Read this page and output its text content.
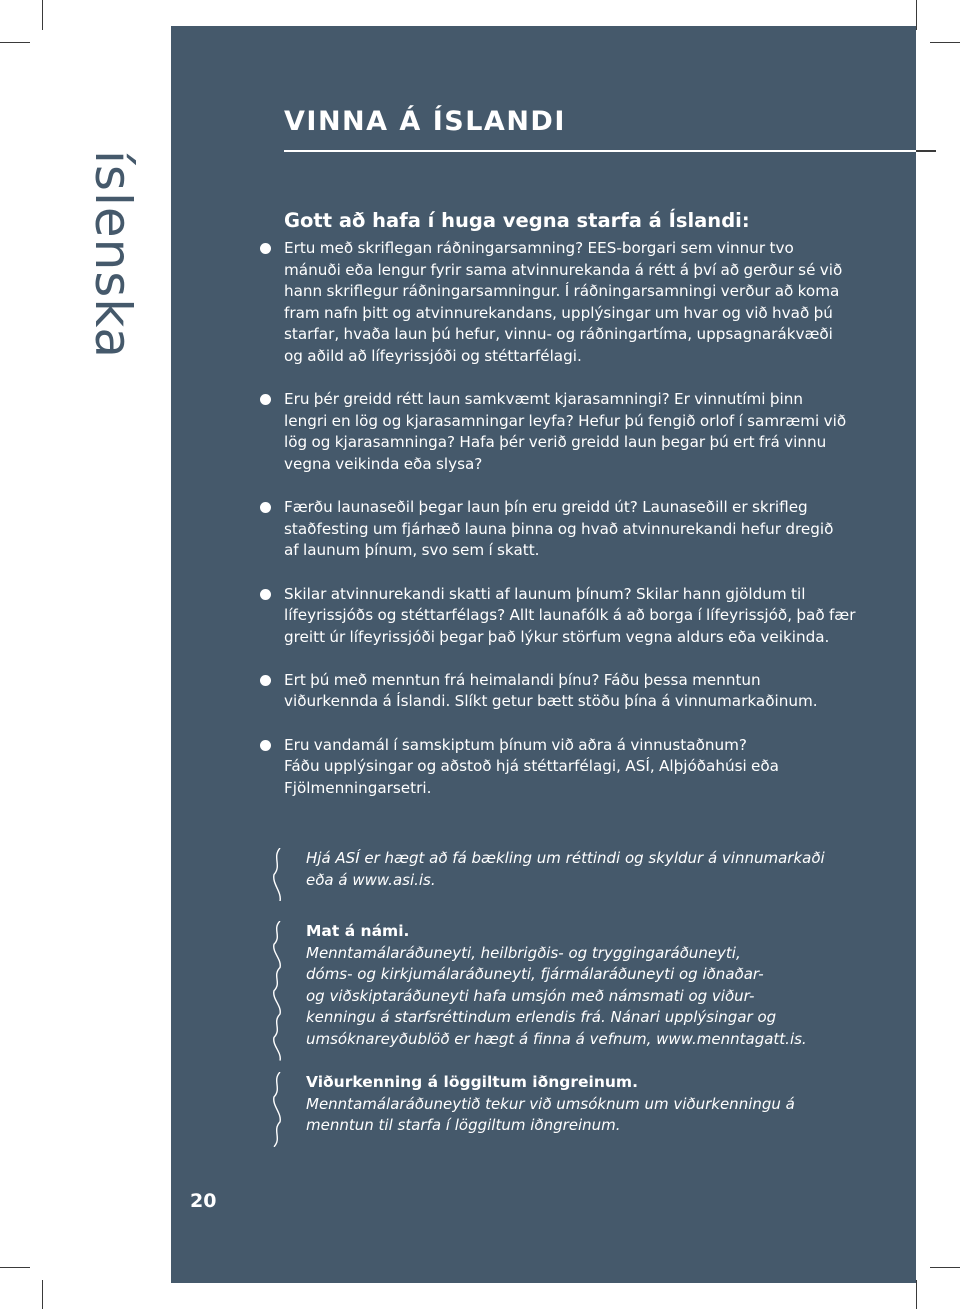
íslenska
VINNA Á ÍSLANDI
Gott að hafa í huga vegna starfa á Íslandi:
Ertu með skriflegan ráðningarsamning? EES-borgari sem vinnur tvo
mánuði eða lengur fyrir sama atvinnurekanda á rétt á því að gerður sé við
hann skriflegur ráðningarsamningur. Í ráðningarsamningi verður að koma
fram nafn þitt og atvinnurekandans, upplýsingar um hvar og við hvað þú
starfar, hvaða laun þú hefur, vinnu- og ráðningartíma, uppsagnarákvæði
og aðild að lífeyrissjóði og stéttarfélagi.
Eru þér greidd rétt laun samkvæmt kjarasamningi? Er vinnutími þinn
lengri en lög og kjarasamningar leyfa? Hefur þú fengið orlof í samræmi við
lög og kjarasamninga? Hafa þér verið greidd laun þegar þú ert frá vinnu
vegna veikinda eða slysa?
Færðu launaseðil þegar laun þín eru greidd út? Launaseðill er skrifleg
staðfesting um fjárhæð launa þinna og hvað atvinnurekandi hefur dregið
af launum þínum, svo sem í skatt.
Skilar atvinnurekandi skatti af launum þínum? Skilar hann gjöldum til
lífeyrissjóðs og stéttarfélags? Allt launafólk á að borga í lífeyrissjóð, það fær
greitt úr lífeyrissjóði þegar það lýkur störfum vegna aldurs eða veikinda.
Ert þú með menntun frá heimalandi þínu? Fáðu þessa menntun
viðurkennda á Íslandi. Slíkt getur bætt stöðu þína á vinnumarkaðinum.
Eru vandamál í samskiptum þínum við aðra á vinnustaðnum?
Fáðu upplýsingar og aðstoð hjá stéttarfélagi, ASÍ, Alþjóðahúsi eða
Fjölmenningarsetri.
Hjá ASÍ er hægt að fá bækling um réttindi og skyldur á vinnumarkaði
eða á www.asi.is.
Mat á námi.
Menntamálaráðuneyti, heilbrigðis- og tryggingaráðuneyti,
dóms- og kirkjumálaráðuneyti, fjármálaráðuneyti og iðnaðar-
og viðskiptaráðuneyti hafa umsjón með námsmati og viður-
kenningu á starfsréttindum erlendis frá. Nánari upplýsingar og
umsóknareyðublöð er hægt á finna á vefnum, www.menntagatt.is.
Viðurkenning á löggiltum iðngreinum.
Menntamálaráðuneytið tekur við umsóknum um viðurkenningu á
menntun til starfa í löggiltum iðngreinum.
20
